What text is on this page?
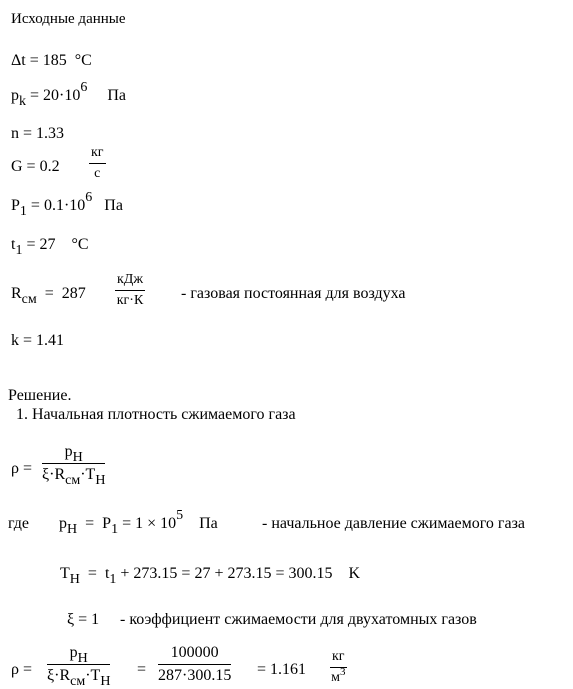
Исходные данные
Δt = 185 °C
pk = 20·106 Па
n = 1.33
G = 0.2
кг
с
P1 = 0.1·106 Па
t1 = 27 °C
Rсм = 287
кДж
кг·К - газовая постоянная для воздуха
k = 1.41
Решение.
1. Начальная плотность сжимаемого газа
ρ =
pН
ξ·Rсм·TН
где pН = P1 = 1 × 105 Па	- начальное давление сжимаемого газа
TН = t1 + 273.15 = 27 + 273.15 = 300.15 K
ξ = 1 - коэффициент сжимаемости для двухатомных газов
ρ =
pН
ξ·Rсм·TН
= $\frac{100000}{287\cdot 300.15} = 1.161$
кг
$м^3$
